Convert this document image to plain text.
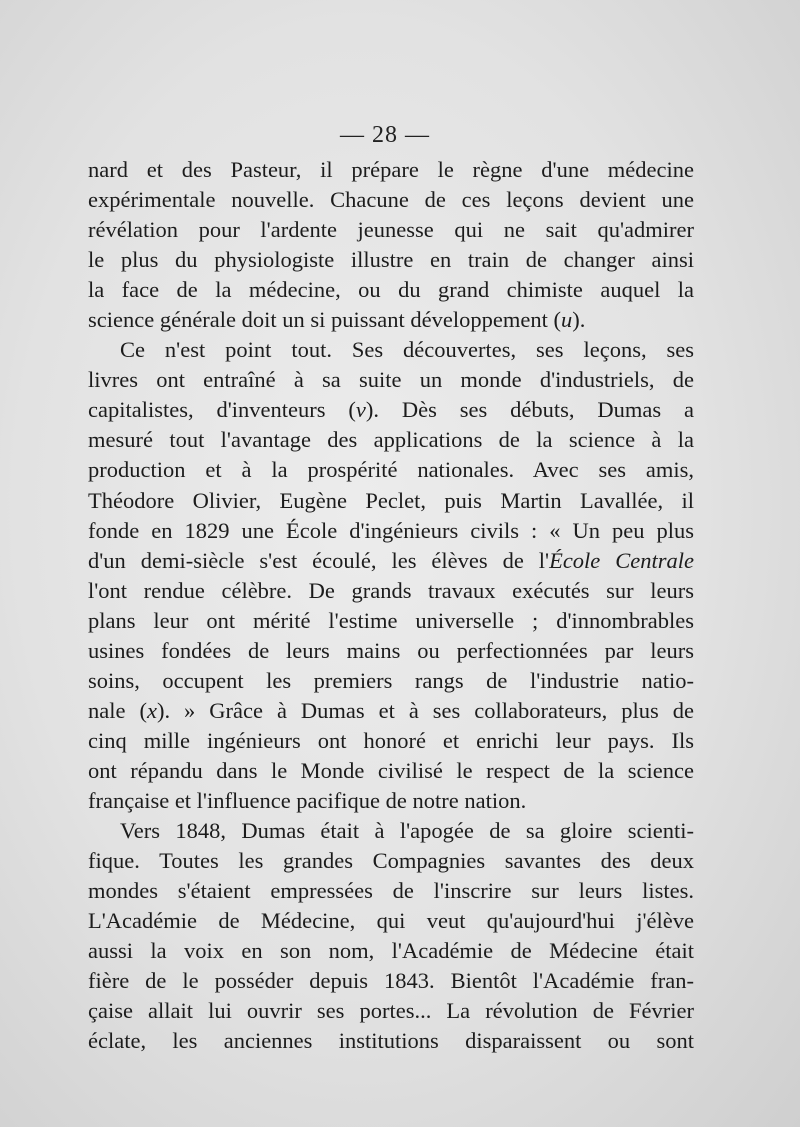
— 28 —
nard et des Pasteur, il prépare le règne d'une médecine
expérimentale nouvelle. Chacune de ces leçons devient une
révélation pour l'ardente jeunesse qui ne sait qu'admirer
le plus du physiologiste illustre en train de changer ainsi
la face de la médecine, ou du grand chimiste auquel la
science générale doit un si puissant développement (u).
Ce n'est point tout. Ses découvertes, ses leçons, ses
livres ont entraîné à sa suite un monde d'industriels, de
capitalistes, d'inventeurs (v). Dès ses débuts, Dumas a
mesuré tout l'avantage des applications de la science à la
production et à la prospérité nationales. Avec ses amis,
Théodore Olivier, Eugène Peclet, puis Martin Lavallée, il
fonde en 1829 une École d'ingénieurs civils : « Un peu plus
d'un demi-siècle s'est écoulé, les élèves de l'École Centrale
l'ont rendue célèbre. De grands travaux exécutés sur leurs
plans leur ont mérité l'estime universelle ; d'innombrables
usines fondées de leurs mains ou perfectionnées par leurs
soins, occupent les premiers rangs de l'industrie natio-
nale (x). » Grâce à Dumas et à ses collaborateurs, plus de
cinq mille ingénieurs ont honoré et enrichi leur pays. Ils
ont répandu dans le Monde civilisé le respect de la science
française et l'influence pacifique de notre nation.
Vers 1848, Dumas était à l'apogée de sa gloire scienti-
fique. Toutes les grandes Compagnies savantes des deux
mondes s'étaient empressées de l'inscrire sur leurs listes.
L'Académie de Médecine, qui veut qu'aujourd'hui j'élève
aussi la voix en son nom, l'Académie de Médecine était
fière de le posséder depuis 1843. Bientôt l'Académie fran-
çaise allait lui ouvrir ses portes... La révolution de Février
éclate, les anciennes institutions disparaissent ou sont
